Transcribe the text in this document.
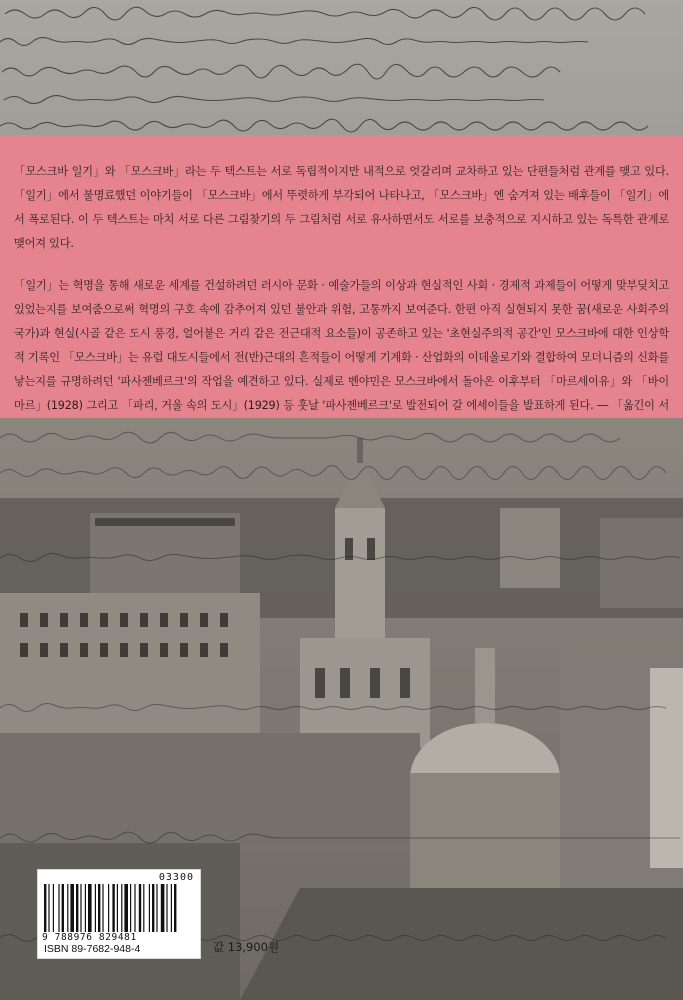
「모스크바 일기」와 「모스크바」라는 두 텍스트는 서로 독립적이지만 내적으로 엇갈리며 교차하고 있는 단편들처럼 관계를 맺고 있다. 「일기」에서 불명료했던 이야기들이 「모스크바」에서 뚜렷하게 부각되어 나타나고, 「모스크바」엔 숨겨져 있는 배후들이 「일기」에서 폭로된다. 이 두 텍스트는 마치 서로 다른 그림찾기의 두 그림처럼 서로 유사하면서도 서로를 보충적으로 지시하고 있는 독특한 관계로 맺어져 있다.

「일기」는 혁명을 통해 새로운 세계를 건설하려던 러시아 문화 · 예술가들의 이상과 현실적인 사회 · 경제적 과제들이 어떻게 맞부딪치고 있었는지를 보여줌으로써 혁명의 구호 속에 감추어져 있던 불안과 위험, 고통까지 보여준다. 한편 아직 실현되지 못한 꿈(새로운 사회주의 국가)과 현실(시골 같은 도시 풍경, 얼어붙은 거리 같은 전근대적 요소들)이 공존하고 있는 '초현실주의적 공간'인 모스크바에 대한 인상학적 기록인 「모스크바」는 유럽 대도시들에서 전(반)근대의 흔적들이 어떻게 기계화 · 산업화의 이데올로기와 결합하여 모더니즘의 신화를 낳는지를 규명하려던 '파사젠베르크'의 작업을 예견하고 있다. 실제로 벤야민은 모스크바에서 돌아온 이후부터 「마르세이유」와 「바이마르」(1928) 그리고 「파리, 거울 속의 도시」(1929) 등 훗날 '파사젠베르크'로 발전되어 갈 에세이들을 발표하게 된다. ― 「옮긴이 서

03300
9 788976 829481
ISBN 89-7682-948-4	값 13,900원
